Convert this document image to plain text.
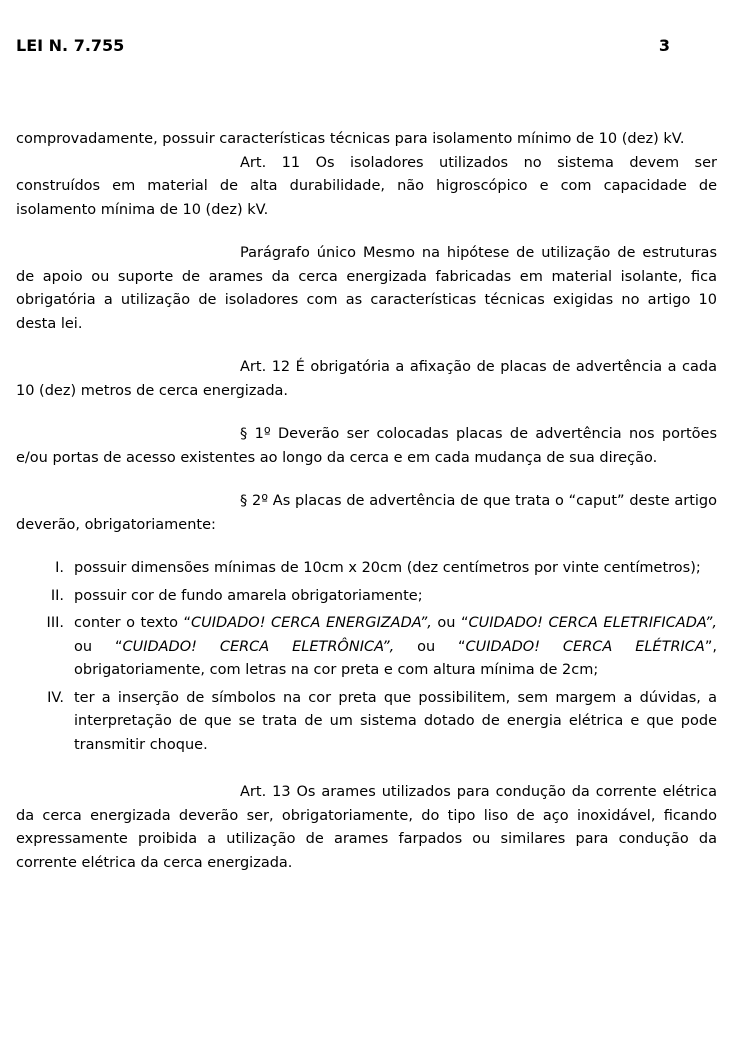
LEI N. 7.755	3

comprovadamente, possuir características técnicas para isolamento mínimo de 10 (dez) kV.

Art. 11 Os isoladores utilizados no sistema devem ser construídos em material de alta durabilidade, não higroscópico e com capacidade de isolamento mínima de 10 (dez) kV.

Parágrafo único Mesmo na hipótese de utilização de estruturas de apoio ou suporte de arames da cerca energizada fabricadas em material isolante, fica obrigatória a utilização de isoladores com as características técnicas exigidas no artigo 10 desta lei.

Art. 12 É obrigatória a afixação de placas de advertência a cada 10 (dez) metros de cerca energizada.

§ 1º Deverão ser colocadas placas de advertência nos portões e/ou portas de acesso existentes ao longo da cerca e em cada mudança de sua direção.

§ 2º As placas de advertência de que trata o “caput” deste artigo deverão, obrigatoriamente:

I. possuir dimensões mínimas de 10cm x 20cm (dez centímetros por vinte centímetros);
II. possuir cor de fundo amarela obrigatoriamente;
III. conter o texto “CUIDADO! CERCA ENERGIZADA”, ou “CUIDADO! CERCA ELETRIFICADA”, ou “CUIDADO! CERCA ELETRÔNICA”, ou “CUIDADO! CERCA ELÉTRICA”, obrigatoriamente, com letras na cor preta e com altura mínima de 2cm;
IV. ter a inserção de símbolos na cor preta que possibilitem, sem margem a dúvidas, a interpretação de que se trata de um sistema dotado de energia elétrica e que pode transmitir choque.

Art. 13 Os arames utilizados para condução da corrente elétrica da cerca energizada deverão ser, obrigatoriamente, do tipo liso de aço inoxidável, ficando expressamente proibida a utilização de arames farpados ou similares para condução da corrente elétrica da cerca energizada.
